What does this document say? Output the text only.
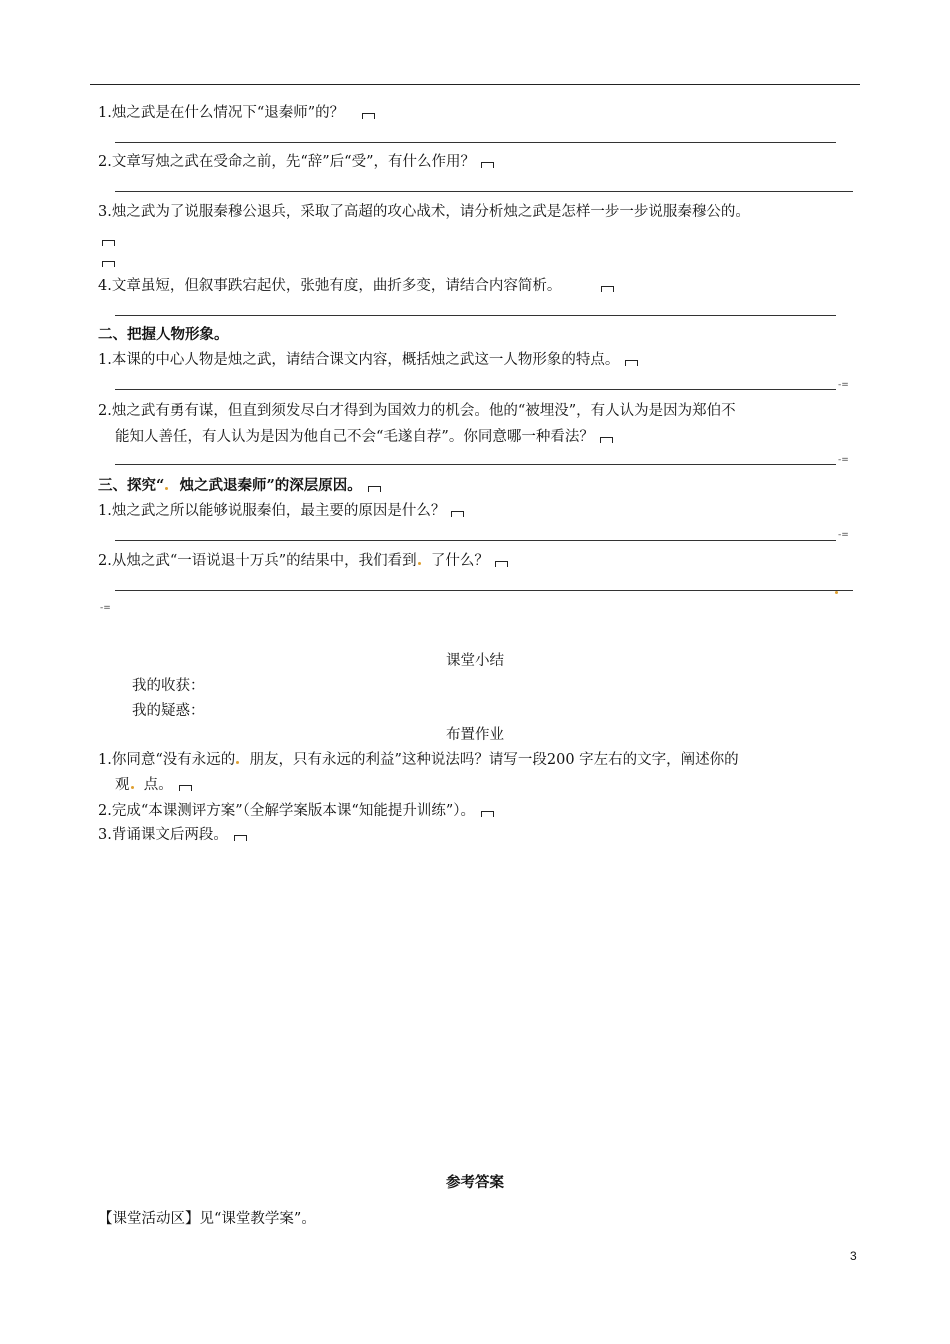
1.烛之武是在什么情况下“退秦师”的？
2.文章写烛之武在受命之前，先“辞”后“受”，有什么作用？
3.烛之武为了说服秦穆公退兵，采取了高超的攻心战术，请分析烛之武是怎样一步一步说服秦穆公的。
4.文章虽短，但叙事跌宕起伏，张弛有度，曲折多变，请结合内容简析。
二、把握人物形象。
1.本课的中心人物是烛之武，请结合课文内容，概括烛之武这一人物形象的特点。
-=
2.烛之武有勇有谋，但直到须发尽白才得到为国效力的机会。他的“被埋没”，有人认为是因为郑伯不
能知人善任，有人认为是因为他自己不会“毛遂自荐”。你同意哪一种看法？
-=
三、探究“ 烛之武退秦师”的深层原因。
1.烛之武之所以能够说服秦伯，最主要的原因是什么？
-=
2.从烛之武“一语说退十万兵”的结果中，我们看到 了什么？
-=
课堂小结
我的收获：
我的疑惑：
布置作业
1.你同意“没有永远的 朋友，只有永远的利益”这种说法吗？请写一段200 字左右的文字，阐述你的
观 点。
2.完成“本课测评方案”（全解学案版本课“知能提升训练”）。
3.背诵课文后两段。
参考答案
【课堂活动区】见“课堂教学案”。
3
